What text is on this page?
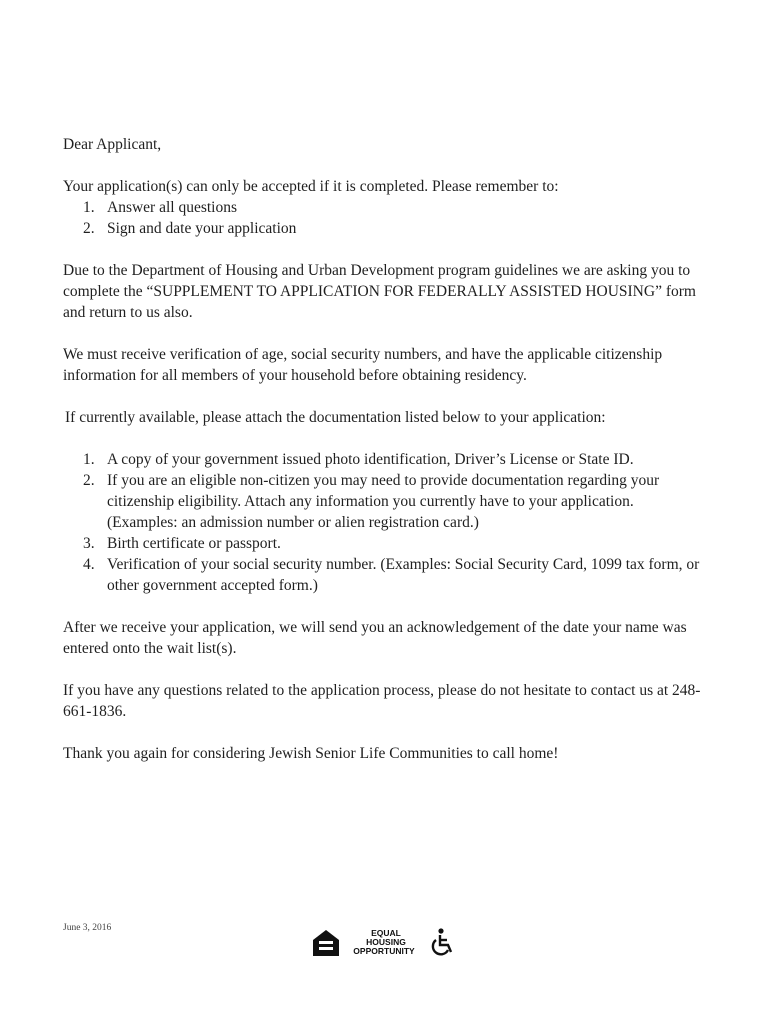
Dear Applicant,

Your application(s) can only be accepted if it is completed. Please remember to:

1. Answer all questions
2. Sign and date your application

Due to the Department of Housing and Urban Development program guidelines we are asking you to complete the “SUPPLEMENT TO APPLICATION FOR FEDERALLY ASSISTED HOUSING” form and return to us also.

We must receive verification of age, social security numbers, and have the applicable citizenship information for all members of your household before obtaining residency.

If currently available, please attach the documentation listed below to your application:

1. A copy of your government issued photo identification, Driver’s License or State ID.
2. If you are an eligible non-citizen you may need to provide documentation regarding your citizenship eligibility. Attach any information you currently have to your application. (Examples: an admission number or alien registration card.)
3. Birth certificate or passport.
4. Verification of your social security number. (Examples: Social Security Card, 1099 tax form, or other government accepted form.)

After we receive your application, we will send you an acknowledgement of the date your name was entered onto the wait list(s).

If you have any questions related to the application process, please do not hesitate to contact us at 248-661-1836.

Thank you again for considering Jewish Senior Life Communities to call home!

June 3, 2016	EQUAL
HOUSING
OPPORTUNITY
